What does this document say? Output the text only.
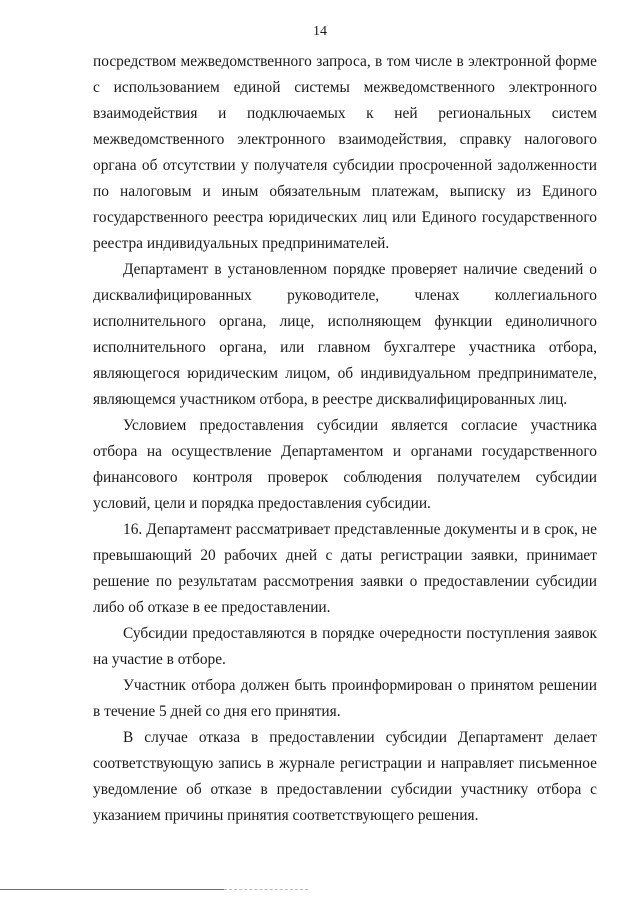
14

посредством межведомственного запроса, в том числе в электронной форме с использованием единой системы межведомственного электронного взаимодействия и подключаемых к ней региональных систем межведомственного электронного взаимодействия, справку налогового органа об отсутствии у получателя субсидии просроченной задолженности по налоговым и иным обязательным платежам, выписку из Единого государственного реестра юридических лиц или Единого государственного реестра индивидуальных предпринимателей.

Департамент в установленном порядке проверяет наличие сведений о дисквалифицированных руководителе, членах коллегиального исполнительного органа, лице, исполняющем функции единоличного исполнительного органа, или главном бухгалтере участника отбора, являющегося юридическим лицом, об индивидуальном предпринимателе, являющемся участником отбора, в реестре дисквалифицированных лиц.

Условием предоставления субсидии является согласие участника отбора на осуществление Департаментом и органами государственного финансового контроля проверок соблюдения получателем субсидии условий, цели и порядка предоставления субсидии.

16. Департамент рассматривает представленные документы и в срок, не превышающий 20 рабочих дней с даты регистрации заявки, принимает решение по результатам рассмотрения заявки о предоставлении субсидии либо об отказе в ее предоставлении.

Субсидии предоставляются в порядке очередности поступления заявок на участие в отборе.

Участник отбора должен быть проинформирован о принятом решении в течение 5 дней со дня его принятия.

В случае отказа в предоставлении субсидии Департамент делает соответствующую запись в журнале регистрации и направляет письменное уведомление об отказе в предоставлении субсидии участнику отбора с указанием причины принятия соответствующего решения.
